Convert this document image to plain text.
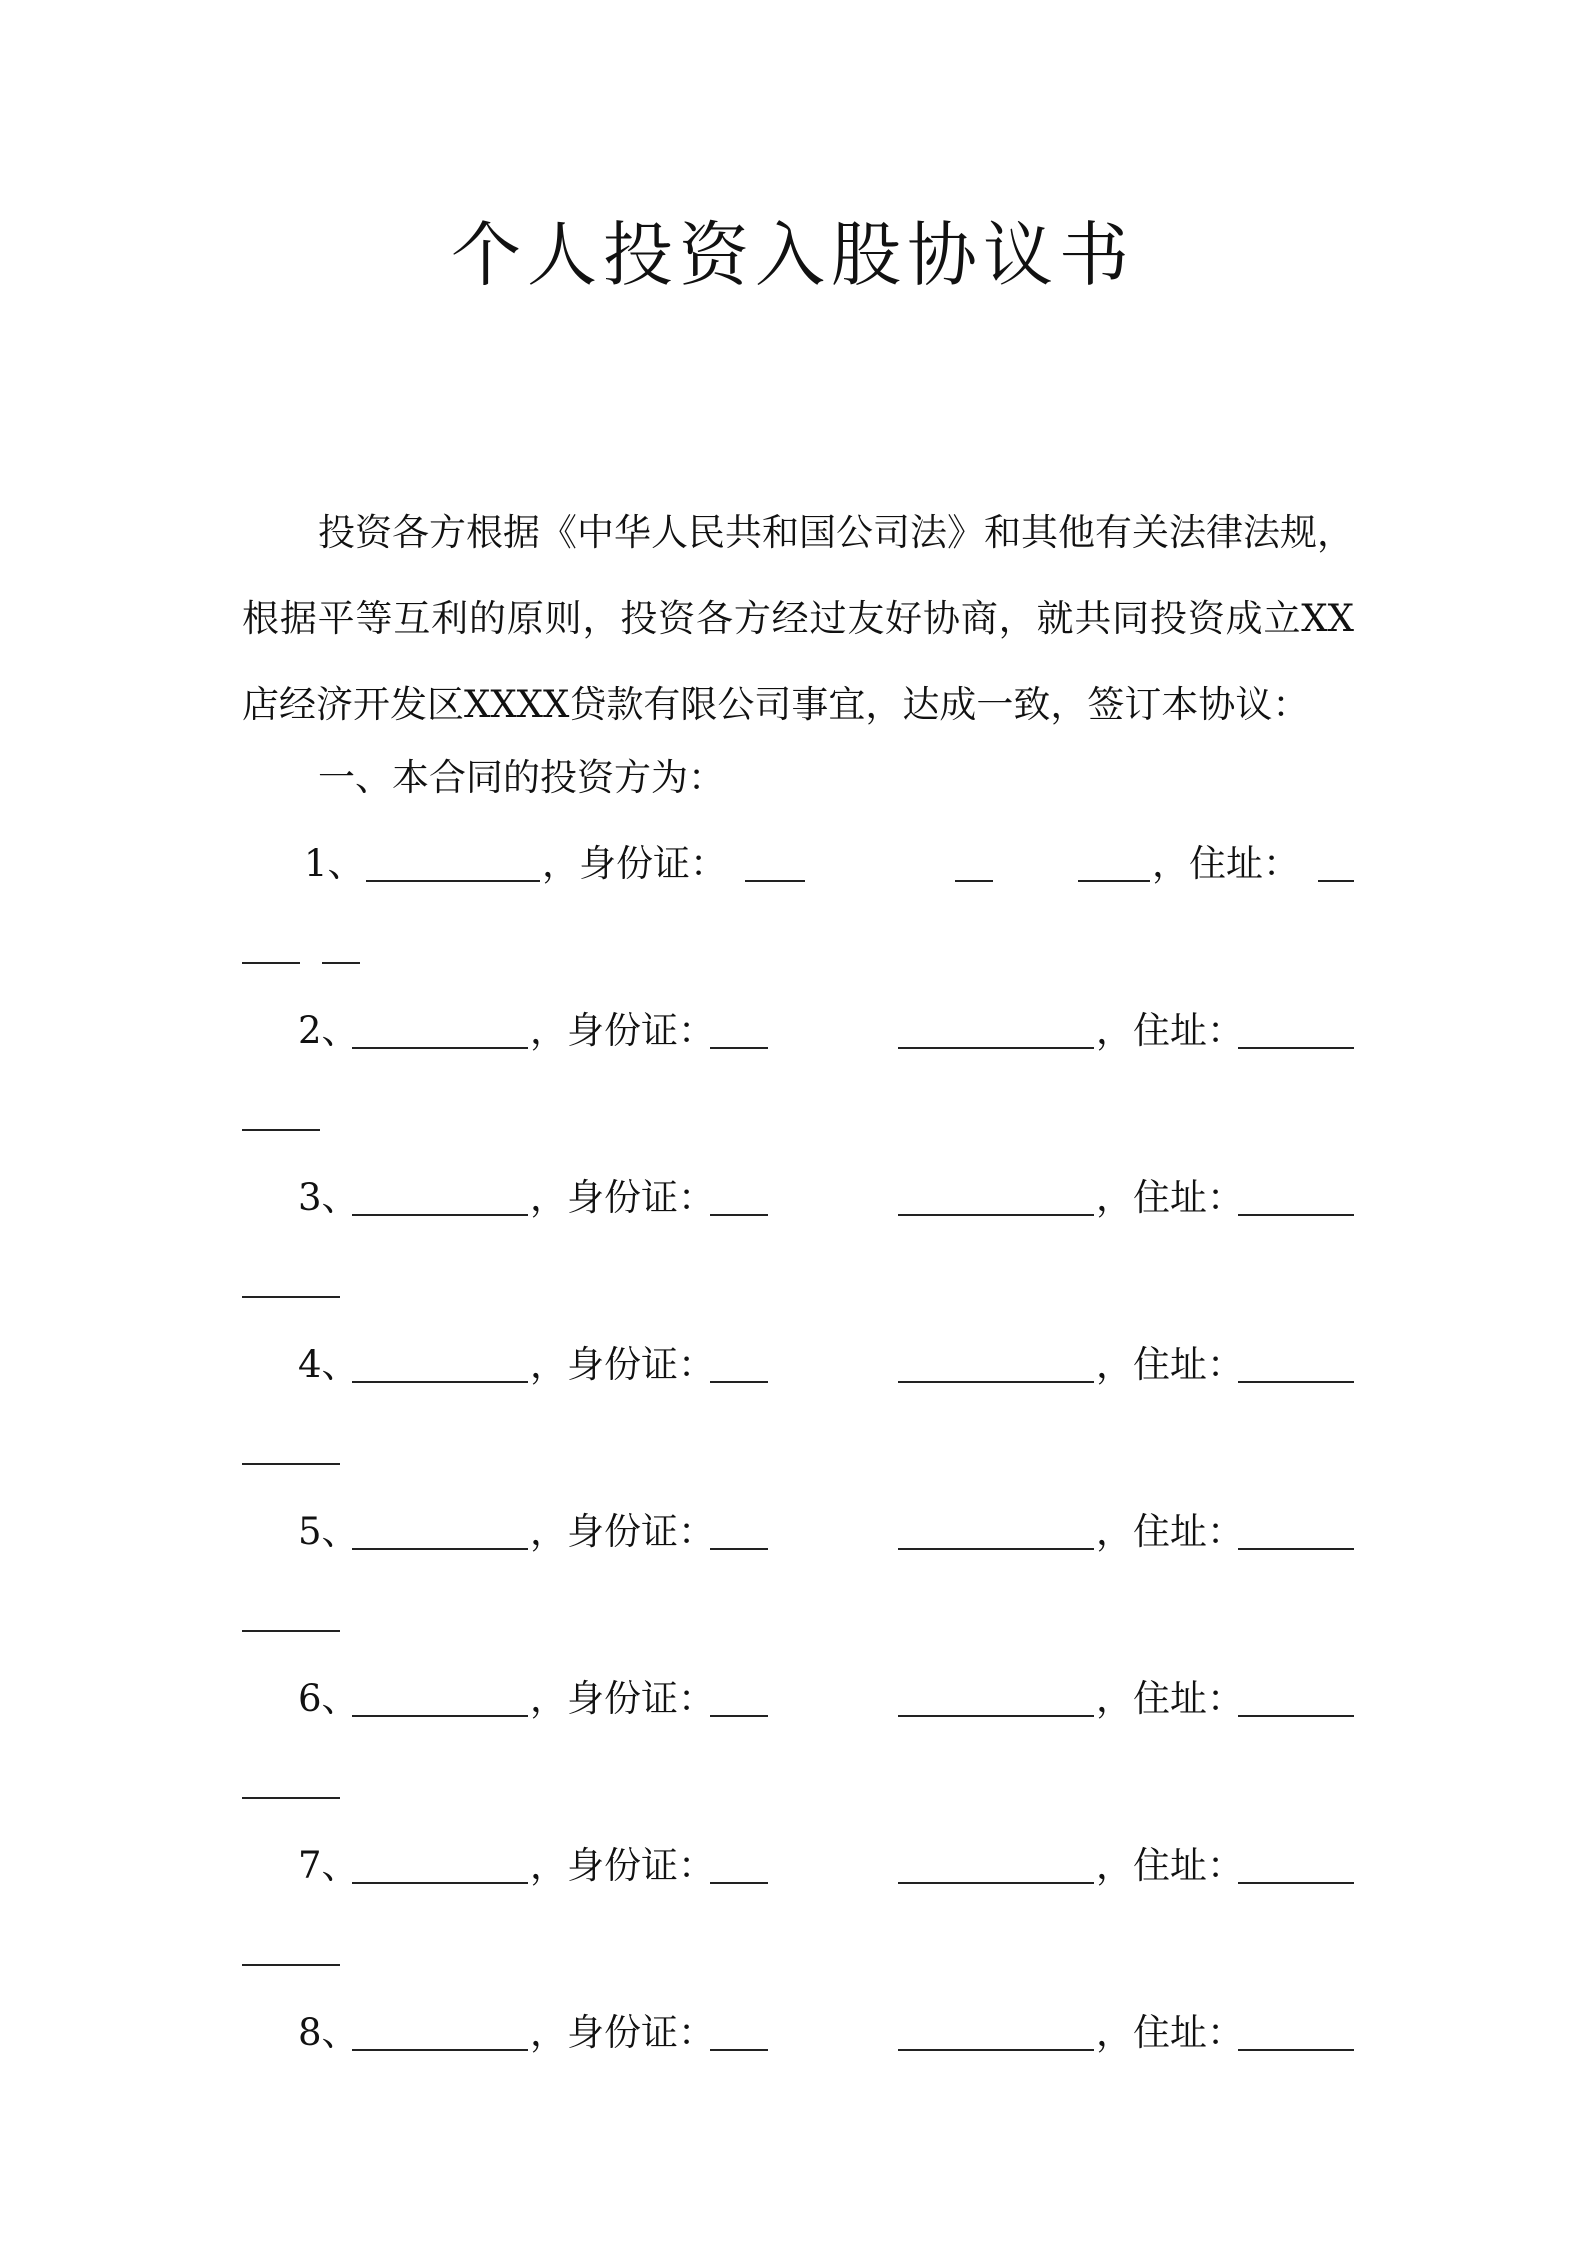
个人投资入股协议书

投资各方根据《中华人民共和国公司法》和其他有关法律法规，根据平等互利的原则，投资各方经过友好协商，就共同投资成立XX店经济开发区XXXX贷款有限公司事宜，达成一致，签订本协议：

一、本合同的投资方为：

1、	，身份证：	，住址：
2、	，身份证：	，住址：
3、	，身份证：	，住址：
4、	，身份证：	，住址：
5、	，身份证：	，住址：
6、	，身份证：	，住址：
7、	，身份证：	，住址：
8、	，身份证：	，住址：
